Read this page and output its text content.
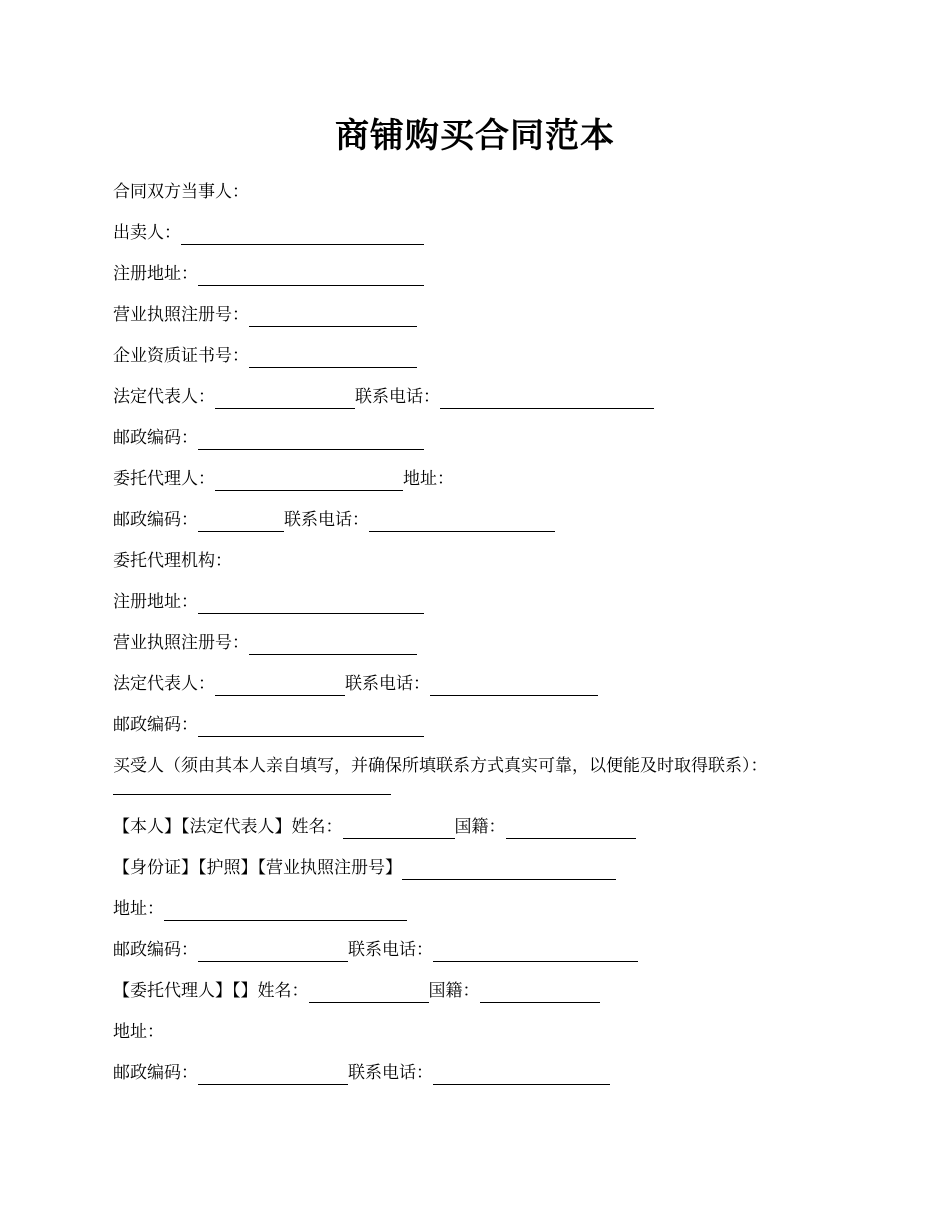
商铺购买合同范本
合同双方当事人：
出卖人：
注册地址：
营业执照注册号：
企业资质证书号：
法定代表人：	联系电话：
邮政编码：
委托代理人：	地址：
邮政编码：	联系电话：
委托代理机构：
注册地址：
营业执照注册号：
法定代表人：	联系电话：
邮政编码：
买受人（须由其本人亲自填写，并确保所填联系方式真实可靠，以便能及时取得联系）：
【本人】【法定代表人】姓名：	国籍：
【身份证】【护照】【营业执照注册号】
地址：
邮政编码：	联系电话：
【委托代理人】【】姓名：	国籍：
地址：
邮政编码：	联系电话：
